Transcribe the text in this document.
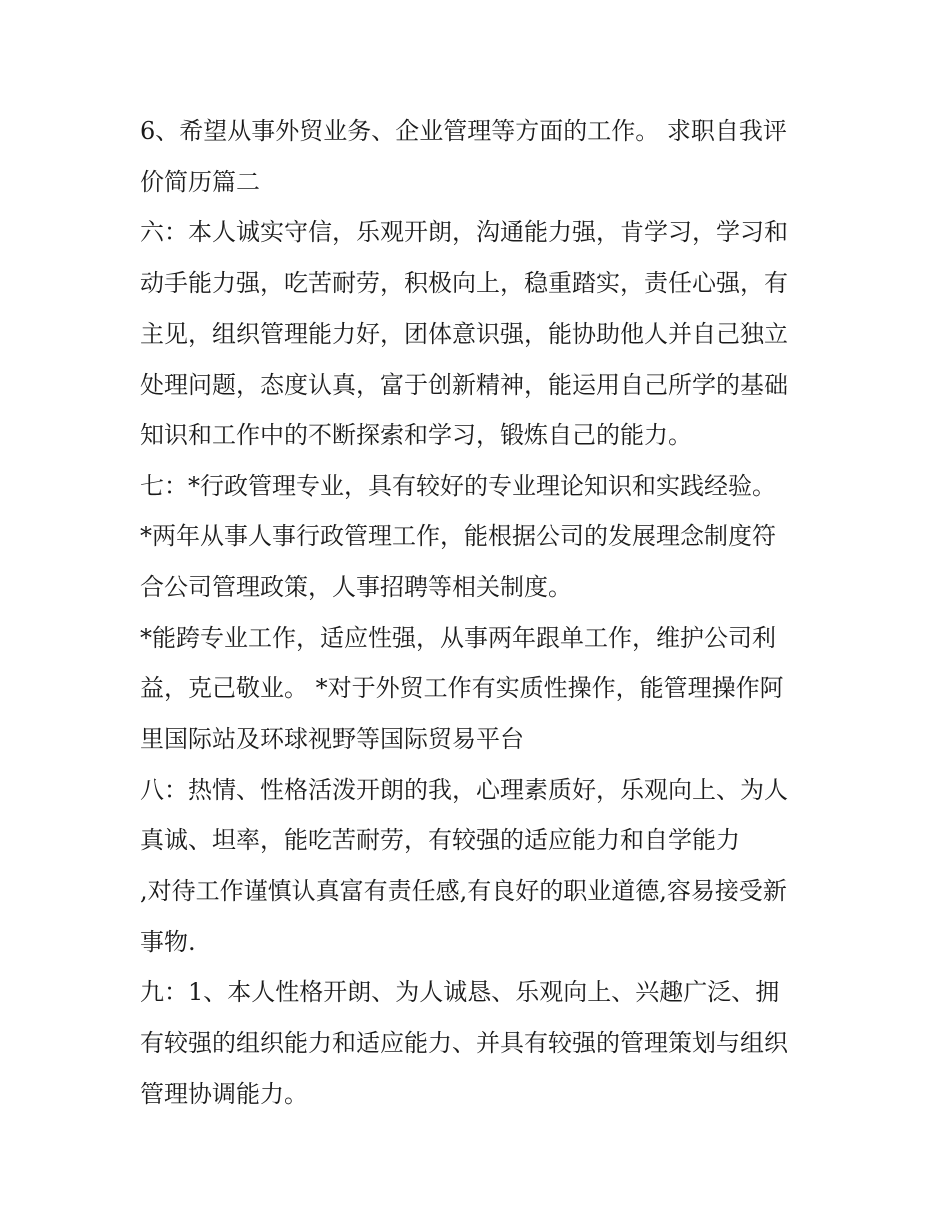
6、希望从事外贸业务、企业管理等方面的工作。 求职自我评
价简历篇二
六：本人诚实守信，乐观开朗，沟通能力强，肯学习，学习和
动手能力强，吃苦耐劳，积极向上，稳重踏实，责任心强，有
主见，组织管理能力好，团体意识强，能协助他人并自己独立
处理问题，态度认真，富于创新精神，能运用自己所学的基础
知识和工作中的不断探索和学习，锻炼自己的能力。
七：*行政管理专业，具有较好的专业理论知识和实践经验。
*两年从事人事行政管理工作，能根据公司的发展理念制度符
合公司管理政策，人事招聘等相关制度。
*能跨专业工作，适应性强，从事两年跟单工作，维护公司利
益，克己敬业。 *对于外贸工作有实质性操作，能管理操作阿
里国际站及环球视野等国际贸易平台
八：热情、性格活泼开朗的我，心理素质好，乐观向上、为人
真诚、坦率，能吃苦耐劳，有较强的适应能力和自学能力
,对待工作谨慎认真富有责任感,有良好的职业道德,容易接受新
事物.
九：1、本人性格开朗、为人诚恳、乐观向上、兴趣广泛、拥
有较强的组织能力和适应能力、并具有较强的管理策划与组织
管理协调能力。
